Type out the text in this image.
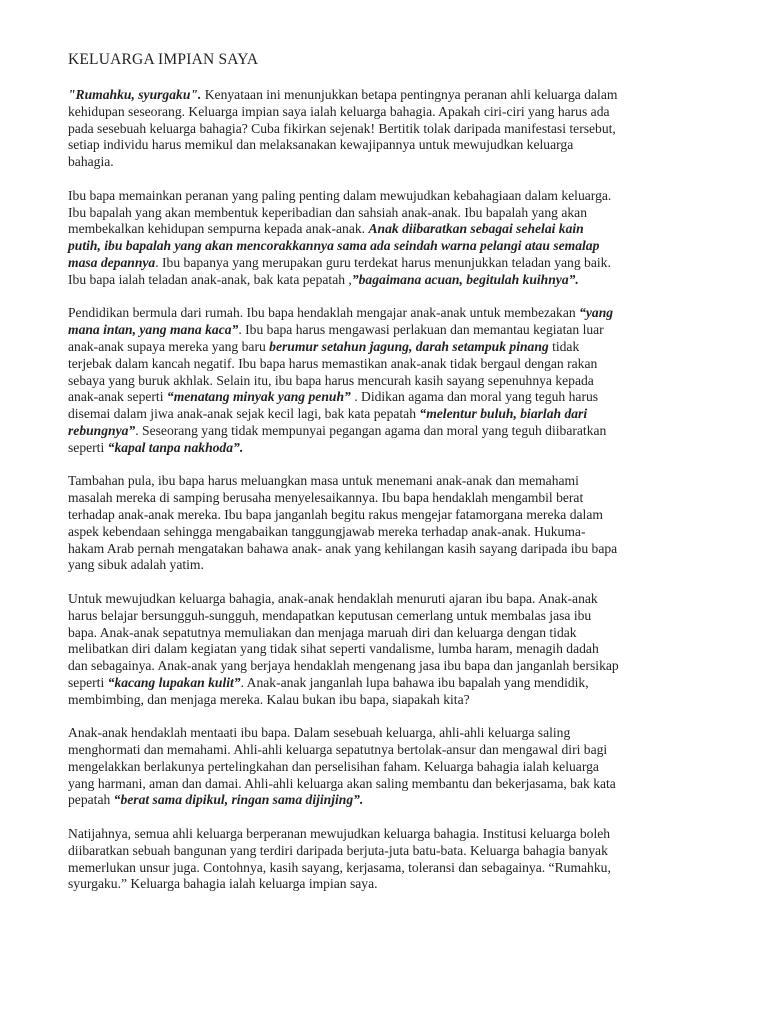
KELUARGA IMPIAN SAYA
"Rumahku, syurgaku". Kenyataan ini menunjukkan betapa pentingnya peranan ahli keluarga dalam
kehidupan seseorang. Keluarga impian saya ialah keluarga bahagia. Apakah ciri-ciri yang harus ada
pada sesebuah keluarga bahagia? Cuba fikirkan sejenak! Bertitik tolak daripada manifestasi tersebut,
setiap individu harus memikul dan melaksanakan kewajipannya untuk mewujudkan keluarga
bahagia.
Ibu bapa memainkan peranan yang paling penting dalam mewujudkan kebahagiaan dalam keluarga.
Ibu bapalah yang akan membentuk keperibadian dan sahsiah anak-anak. Ibu bapalah yang akan
membekalkan kehidupan sempurna kepada anak-anak. Anak diibaratkan sebagai sehelai kain
putih, ibu bapalah yang akan mencorakkannya sama ada seindah warna pelangi atau semalap
masa depannya. Ibu bapanya yang merupakan guru terdekat harus menunjukkan teladan yang baik.
Ibu bapa ialah teladan anak-anak, bak kata pepatah ,”bagaimana acuan, begitulah kuihnya”.
Pendidikan bermula dari rumah. Ibu bapa hendaklah mengajar anak-anak untuk membezakan “yang
mana intan, yang mana kaca”. Ibu bapa harus mengawasi perlakuan dan memantau kegiatan luar
anak-anak supaya mereka yang baru berumur setahun jagung, darah setampuk pinang tidak
terjebak dalam kancah negatif. Ibu bapa harus memastikan anak-anak tidak bergaul dengan rakan
sebaya yang buruk akhlak. Selain itu, ibu bapa harus mencurah kasih sayang sepenuhnya kepada
anak-anak seperti “menatang minyak yang penuh” . Didikan agama dan moral yang teguh harus
disemai dalam jiwa anak-anak sejak kecil lagi, bak kata pepatah “melentur buluh, biarlah dari
rebungnya”. Seseorang yang tidak mempunyai pegangan agama dan moral yang teguh diibaratkan
seperti “kapal tanpa nakhoda”.
Tambahan pula, ibu bapa harus meluangkan masa untuk menemani anak-anak dan memahami
masalah mereka di samping berusaha menyelesaikannya. Ibu bapa hendaklah mengambil berat
terhadap anak-anak mereka. Ibu bapa janganlah begitu rakus mengejar fatamorgana mereka dalam
aspek kebendaan sehingga mengabaikan tanggungjawab mereka terhadap anak-anak. Hukuma-
hakam Arab pernah mengatakan bahawa anak- anak yang kehilangan kasih sayang daripada ibu bapa
yang sibuk adalah yatim.
Untuk mewujudkan keluarga bahagia, anak-anak hendaklah menuruti ajaran ibu bapa. Anak-anak
harus belajar bersungguh-sungguh, mendapatkan keputusan cemerlang untuk membalas jasa ibu
bapa. Anak-anak sepatutnya memuliakan dan menjaga maruah diri dan keluarga dengan tidak
melibatkan diri dalam kegiatan yang tidak sihat seperti vandalisme, lumba haram, menagih dadah
dan sebagainya. Anak-anak yang berjaya hendaklah mengenang jasa ibu bapa dan janganlah bersikap
seperti “kacang lupakan kulit”. Anak-anak janganlah lupa bahawa ibu bapalah yang mendidik,
membimbing, dan menjaga mereka. Kalau bukan ibu bapa, siapakah kita?
Anak-anak hendaklah mentaati ibu bapa. Dalam sesebuah keluarga, ahli-ahli keluarga saling
menghormati dan memahami. Ahli-ahli keluarga sepatutnya bertolak-ansur dan mengawal diri bagi
mengelakkan berlakunya pertelingkahan dan perselisihan faham. Keluarga bahagia ialah keluarga
yang harmani, aman dan damai. Ahli-ahli keluarga akan saling membantu dan bekerjasama, bak kata
pepatah “berat sama dipikul, ringan sama dijinjing”.
Natijahnya, semua ahli keluarga berperanan mewujudkan keluarga bahagia. Institusi keluarga boleh
diibaratkan sebuah bangunan yang terdiri daripada berjuta-juta batu-bata. Keluarga bahagia banyak
memerlukan unsur juga. Contohnya, kasih sayang, kerjasama, toleransi dan sebagainya. “Rumahku,
syurgaku.” Keluarga bahagia ialah keluarga impian saya.
